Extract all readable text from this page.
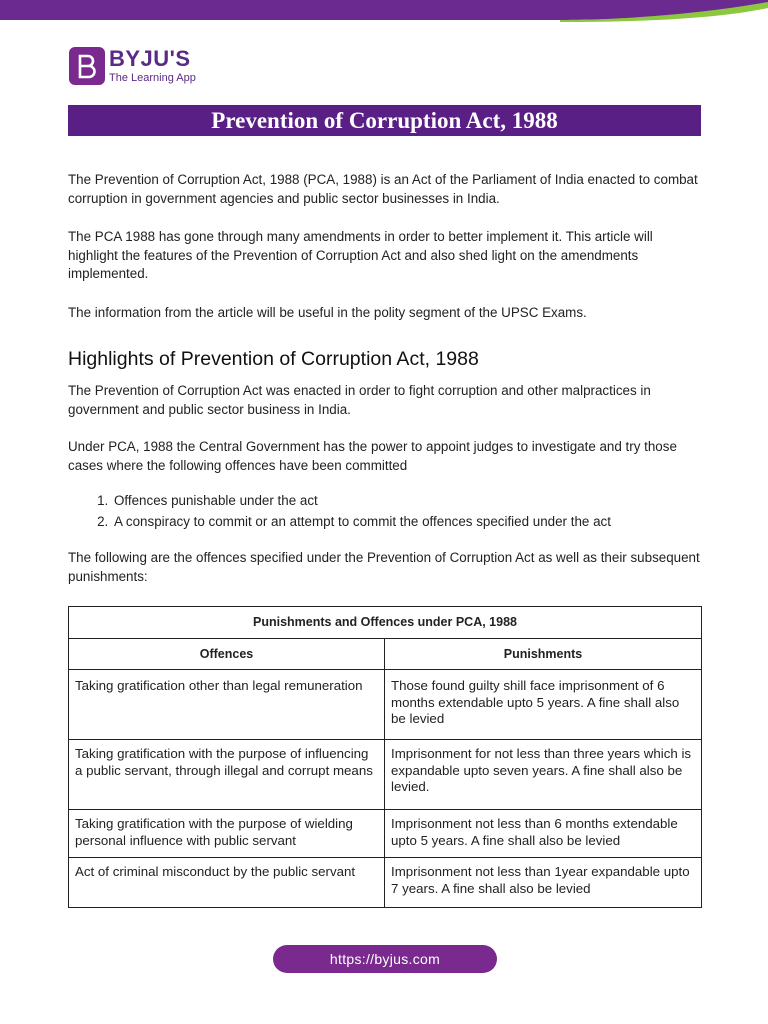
BYJU'S
The Learning App
Prevention of Corruption Act, 1988

The Prevention of Corruption Act, 1988 (PCA, 1988) is an Act of the Parliament of India enacted to combat corruption in government agencies and public sector businesses in India.

The PCA 1988 has gone through many amendments in order to better implement it. This article will highlight the features of the Prevention of Corruption Act and also shed light on the amendments implemented.

The information from the article will be useful in the polity segment of the UPSC Exams.

Highlights of Prevention of Corruption Act, 1988

The Prevention of Corruption Act was enacted in order to fight corruption and other malpractices in government and public sector business in India.

Under PCA, 1988 the Central Government has the power to appoint judges to investigate and try those cases where the following offences have been committed

1. Offences punishable under the act
2. A conspiracy to commit or an attempt to commit the offences specified under the act

The following are the offences specified under the Prevention of Corruption Act as well as their subsequent punishments:

Punishments and Offences under PCA, 1988	
Offences	Punishments
Taking gratification other than legal remuneration	Those found guilty shill face imprisonment of 6 months extendable upto 5 years. A fine shall also be levied
Taking gratification with the purpose of influencing a public servant, through illegal and corrupt means	Imprisonment for not less than three years which is expandable upto seven years. A fine shall also be levied.
Taking gratification with the purpose of wielding personal influence with public servant	Imprisonment not less than 6 months extendable upto 5 years. A fine shall also be levied
Act of criminal misconduct by the public servant	Imprisonment not less than 1year expandable upto 7 years. A fine shall also be levied
https://byjus.com
